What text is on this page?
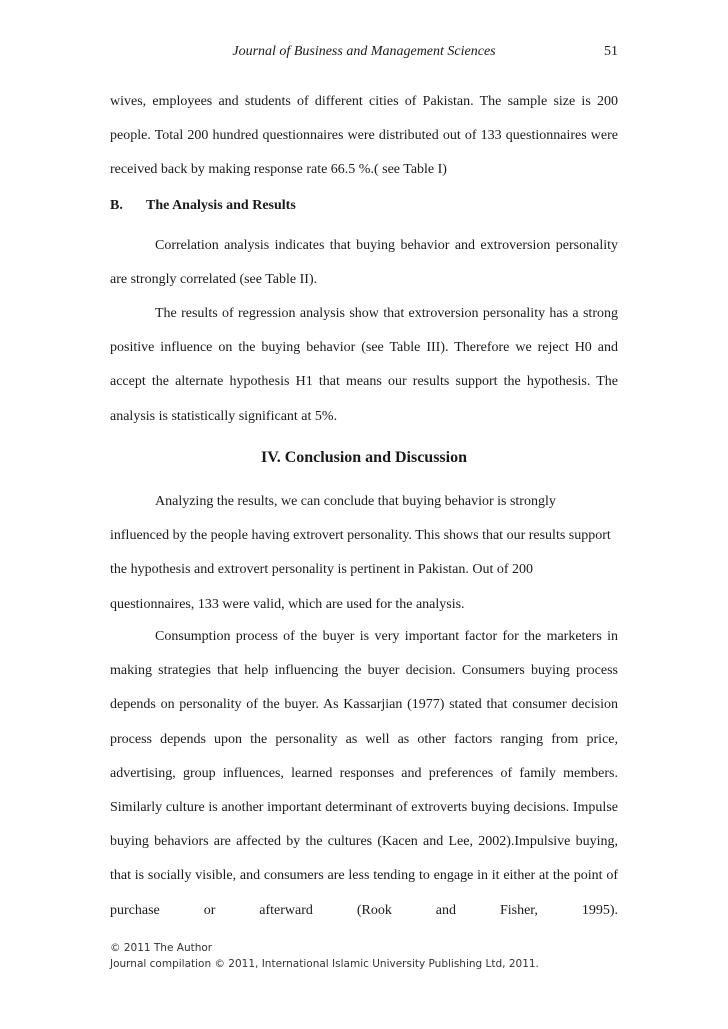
Journal of Business and Management Sciences	51

wives, employees and students of different cities of Pakistan. The sample size is 200 people. Total 200 hundred questionnaires were distributed out of 133 questionnaires were received back by making response rate 66.5 %.( see Table I)

B. The Analysis and Results

Correlation analysis indicates that buying behavior and extroversion personality are strongly correlated (see Table II).

The results of regression analysis show that extroversion personality has a strong positive influence on the buying behavior (see Table III). Therefore we reject H0 and accept the alternate hypothesis H1 that means our results support the hypothesis. The analysis is statistically significant at 5%.

IV. Conclusion and Discussion

Analyzing the results, we can conclude that buying behavior is strongly influenced by the people having extrovert personality. This shows that our results support the hypothesis and extrovert personality is pertinent in Pakistan. Out of 200 questionnaires, 133 were valid, which are used for the analysis.

Consumption process of the buyer is very important factor for the marketers in making strategies that help influencing the buyer decision. Consumers buying process depends on personality of the buyer. As Kassarjian (1977) stated that consumer decision process depends upon the personality as well as other factors ranging from price, advertising, group influences, learned responses and preferences of family members. Similarly culture is another important determinant of extroverts buying decisions. Impulse buying behaviors are affected by the cultures (Kacen and Lee, 2002).Impulsive buying, that is socially visible, and consumers are less tending to engage in it either at the point of purchase or afterward (Rook and Fisher, 1995).

© 2011 The Author
Journal compilation © 2011, International Islamic University Publishing Ltd, 2011.
